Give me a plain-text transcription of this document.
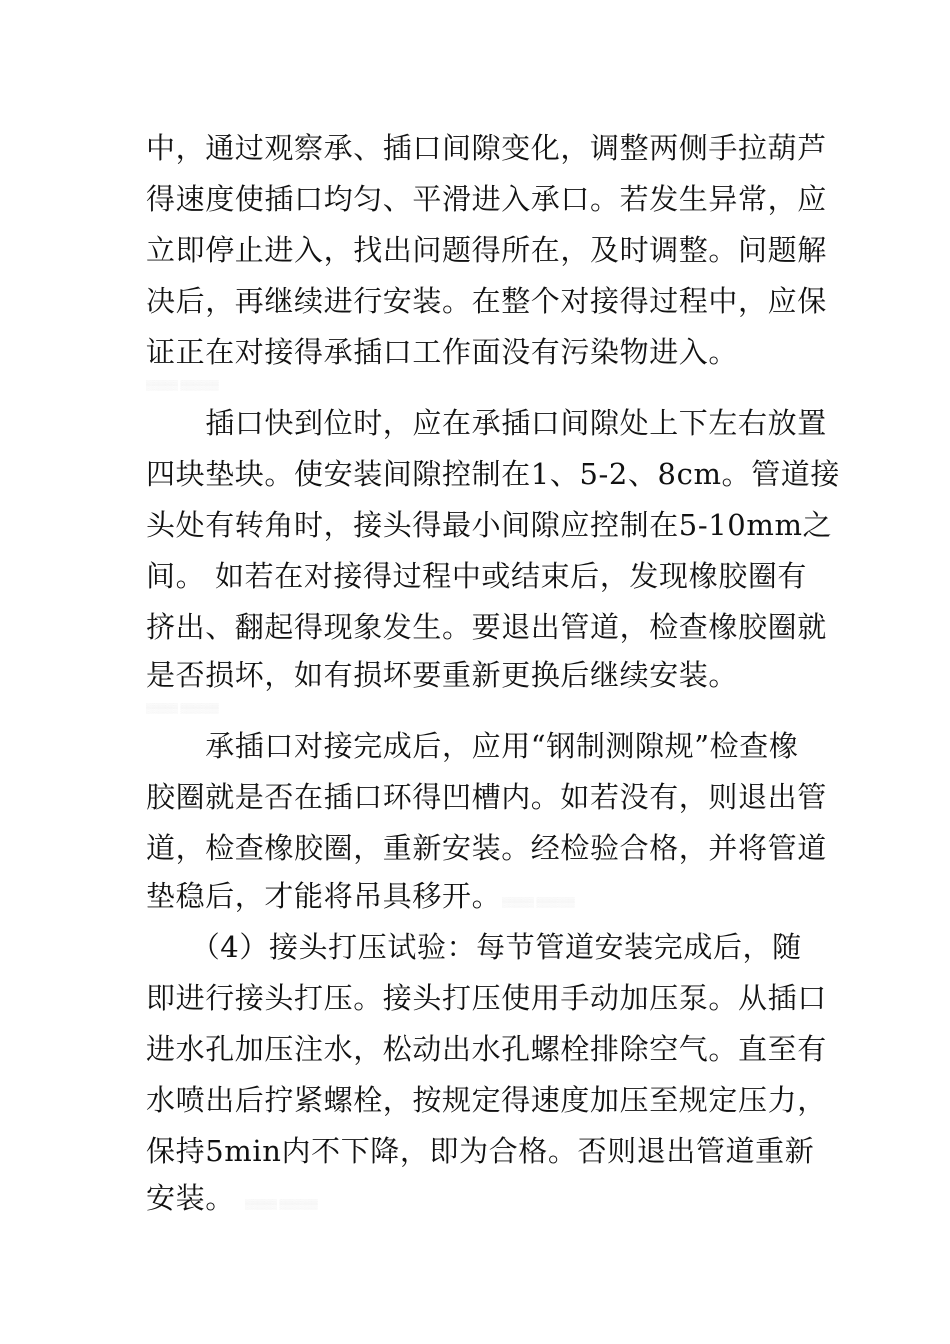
中，通过观察承、插口间隙变化，调整两侧手拉葫芦
得速度使插口均匀、平滑进入承口。若发生异常，应
立即停止进入，找出问题得所在，及时调整。问题解
决后，再继续进行安装。在整个对接得过程中，应保
证正在对接得承插口工作面没有污染物进入。
　　插口快到位时，应在承插口间隙处上下左右放置
四块垫块。使安装间隙控制在1、5-2、8cm。管道接
头处有转角时，接头得最小间隙应控制在5-10mm之
间。 如若在对接得过程中或结束后，发现橡胶圈有
挤出、翻起得现象发生。要退出管道，检查橡胶圈就
是否损坏，如有损坏要重新更换后继续安装。
　　承插口对接完成后，应用“钢制测隙规”检查橡
胶圈就是否在插口环得凹槽内。如若没有，则退出管
道，检查橡胶圈，重新安装。经检验合格，并将管道
垫稳后，才能将吊具移开。
　　（4）接头打压试验：每节管道安装完成后，随
即进行接头打压。接头打压使用手动加压泵。从插口
进水孔加压注水，松动出水孔螺栓排除空气。直至有
水喷出后拧紧螺栓，按规定得速度加压至规定压力，
保持5min内不下降，即为合格。否则退出管道重新
安装。
▒▒▒▒▒ ▒▒▒▒▒▒
▒▒▒▒▒ ▒▒▒▒▒▒
▒▒▒▒▒ ▒▒▒▒▒▒
▒▒▒▒▒ ▒▒▒▒▒▒
